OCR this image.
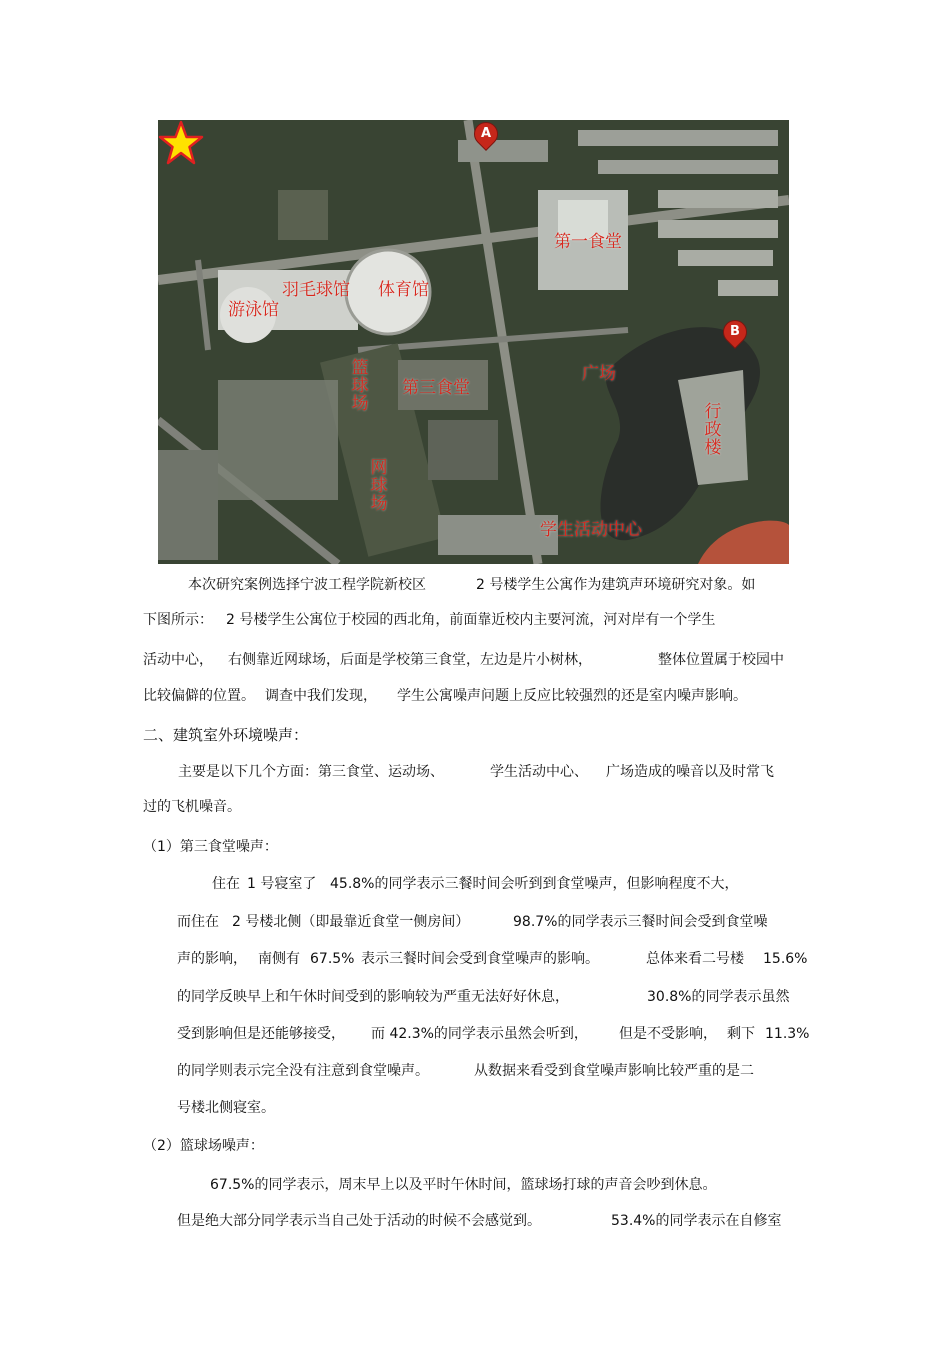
游泳馆
羽毛球馆 体育馆
第一食堂
第三食堂
篮球场
网球场
广场
行政楼
学生活动中心
A
B
本次研究案例选择宁波工程学院新校区	2 号楼学生公寓作为建筑声环境研究对象。如
下图所示： 2 号楼学生公寓位于校园的西北角，前面靠近校内主要河流，河对岸有一个学生
活动中心， 右侧靠近网球场，后面是学校第三食堂，左边是片小树林，	整体位置属于校园中
比较偏僻的位置。 调查中我们发现， 学生公寓噪声问题上反应比较强烈的还是室内噪声影响。
二、建筑室外环境噪声：
主要是以下几个方面：第三食堂、运动场、	学生活动中心、 广场造成的噪音以及时常飞
过的飞机噪音。
（1）第三食堂噪声：
住在 1 号寝室了 45.8%的同学表示三餐时间会听到到食堂噪声，但影响程度不大，
而住在 2 号楼北侧（即最靠近食堂一侧房间）	98.7%的同学表示三餐时间会受到食堂噪
声的影响， 南侧有 67.5% 表示三餐时间会受到食堂噪声的影响。	总体来看二号楼 15.6%
的同学反映早上和午休时间受到的影响较为严重无法好好休息，	30.8%的同学表示虽然
受到影响但是还能够接受， 而 42.3%的同学表示虽然会听到， 但是不受影响， 剩下 11.3%
的同学则表示完全没有注意到食堂噪声。	从数据来看受到食堂噪声影响比较严重的是二
号楼北侧寝室。
（2）篮球场噪声：
67.5%的同学表示，周末早上以及平时午休时间，篮球场打球的声音会吵到休息。
但是绝大部分同学表示当自己处于活动的时候不会感觉到。	53.4%的同学表示在自修室
